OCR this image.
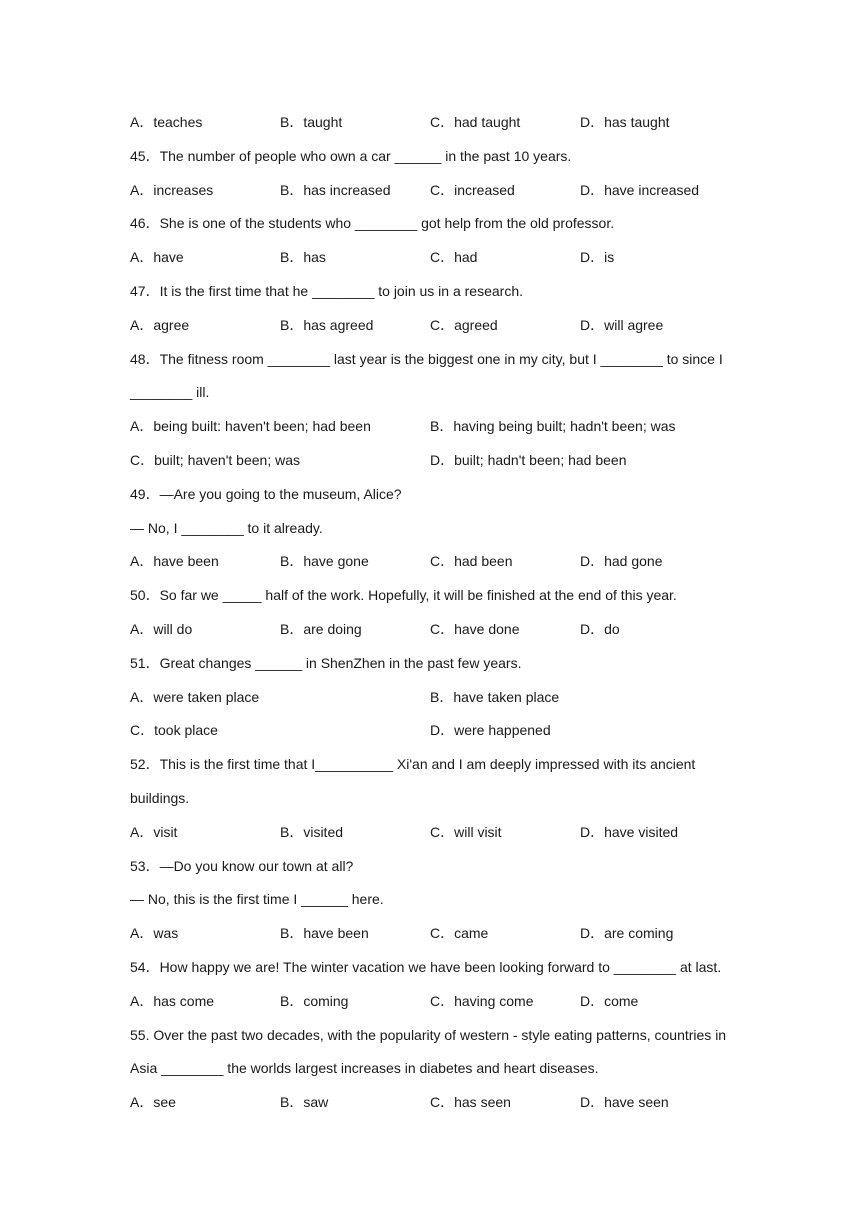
A．teaches	B．taught	C．had taught	D．has taught
45．The number of people who own a car ______ in the past 10 years.
A．increases	B．has increased	C．increased	D．have increased
46．She is one of the students who ________ got help from the old professor.
A．have	B．has	C．had	D．is
47．It is the first time that he ________ to join us in a research.
A．agree	B．has agreed	C．agreed	D．will agree
48．The fitness room ________ last year is the biggest one in my city, but I ________ to since I
________ ill.
A．being built: haven't been; had been	B．having being built; hadn't been; was
C．built; haven't been; was	D．built; hadn't been; had been
49．—Are you going to the museum, Alice?
— No, I ________ to it already.
A．have been	B．have gone	C．had been	D．had gone
50．So far we _____ half of the work. Hopefully, it will be finished at the end of this year.
A．will do	B．are doing	C．have done	D．do
51．Great changes ______ in ShenZhen in the past few years.
A．were taken place	B．have taken place
C．took place	D．were happened
52．This is the first time that I__________ Xi'an and I am deeply impressed with its ancient
buildings.
A．visit	B．visited	C．will visit	D．have visited
53．—Do you know our town at all?
— No, this is the first time I ______ here.
A．was	B．have been	C．came	D．are coming
54．How happy we are! The winter vacation we have been looking forward to ________ at last.
A．has come	B．coming	C．having come	D．come
55. Over the past two decades, with the popularity of western - style eating patterns, countries in
Asia ________ the worlds largest increases in diabetes and heart diseases.
A．see	B．saw	C．has seen	D．have seen
